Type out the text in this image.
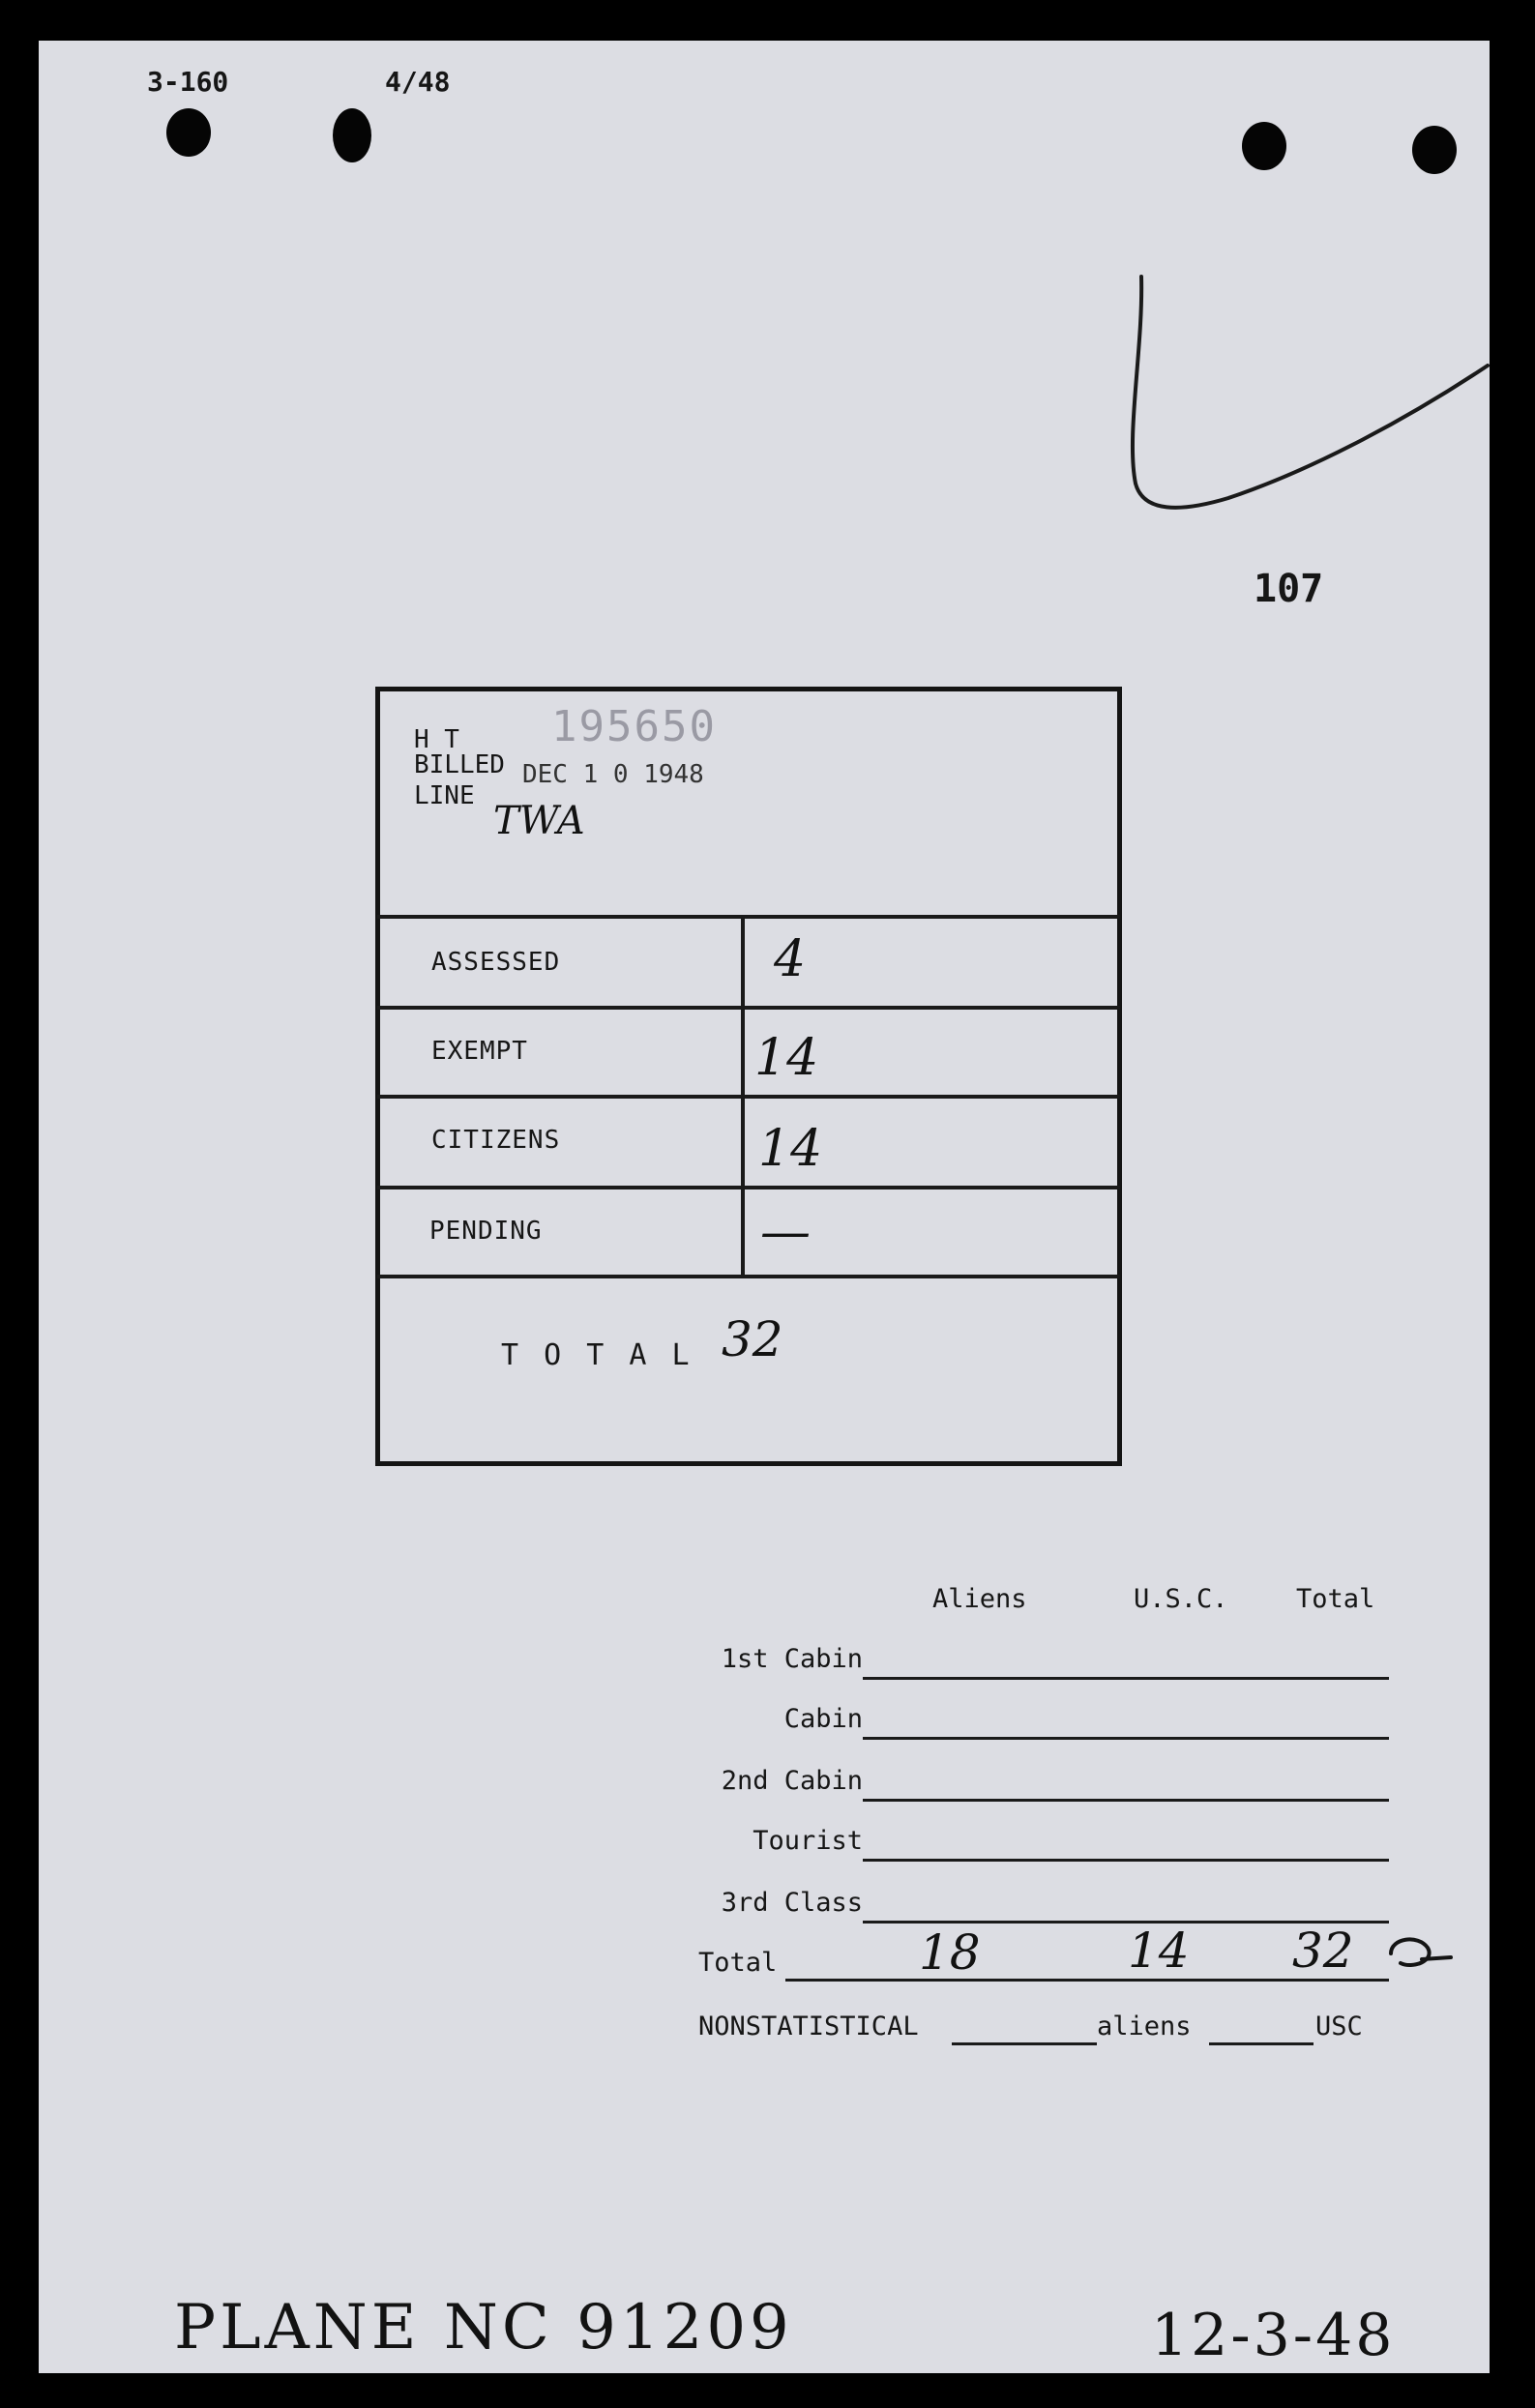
3-160	4/48
107
H T
BILLED
LINE
195650
DEC 1 0 1948
TWA
ASSESSED	4
EXEMPT	14
CITIZENS	14
PENDING	—
T O T A L 32
Aliens	U.S.C.	Total
1st Cabin
Cabin
2nd Cabin
Tourist
3rd Class
Total	18	14 32
NONSTATISTICAL	aliens	USC
PLANE NC 91209	12-3-48
